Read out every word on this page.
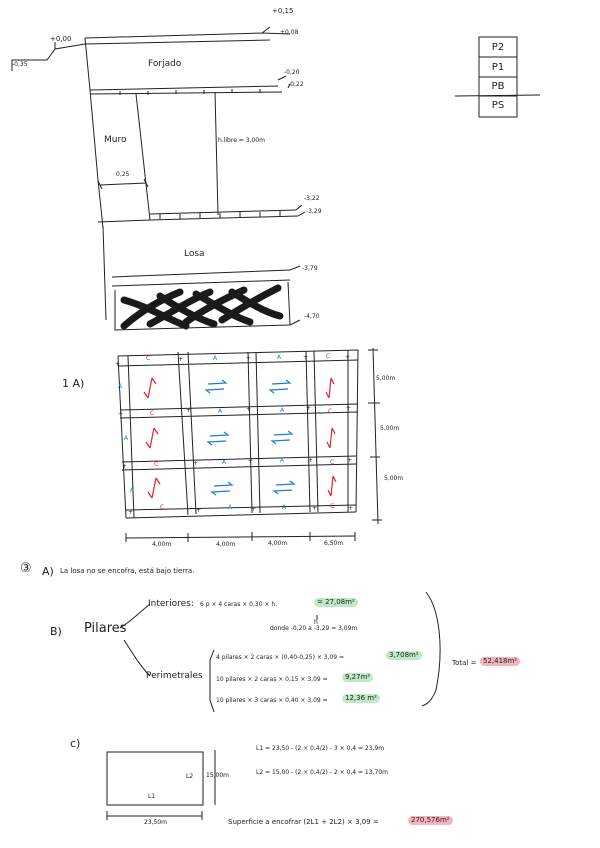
+0,15
+0,08
+0,00
-0,35
-0,20
-0,22
-3,22
-3,29
-3,79
-4,70
Forjado
Muro
0,25
h.libre = 3,00m
Losa
P2
P1
PB
PS
1 A)
+
+	+	+	+
+
+	+	+	+
+	+	+	+	+
+	+	+	+	+
C	C
C	C
C	C
C	C
A
A	A
A
A	A
A	A
A
A	A
5,00m
5,00m
5,00m
4,00m	4,00m	4,00m	6,50m
③ A) La losa no se encofra, está bajo tierra.
B) Pilares
Interiores: 6 p × 4 caras × 0,30 × h.	= 27,08m²
h
donde -0,20 a -3,29 = 3,09m
Perimetrales
4 pilares × 2 caras × (0,40-0,25) × 3,09 =	3,708m²
10 pilares × 2 caras × 0,15 × 3,09 =	9,27m²
10 pilares × 3 caras × 0,40 × 3,09 =	12,36 m²
Total = 52,418m²
c)
L2
L1
15,00m
23,50m
L1 = 23,50 - (2 × 0,4/2) - 3 × 0,4 = 23,9m
L2 = 15,00 - (2 × 0,4/2) - 2 × 0,4 = 13,70m
Superficie a encofrar (2L1 + 2L2) × 3,09 =	270,576m²
